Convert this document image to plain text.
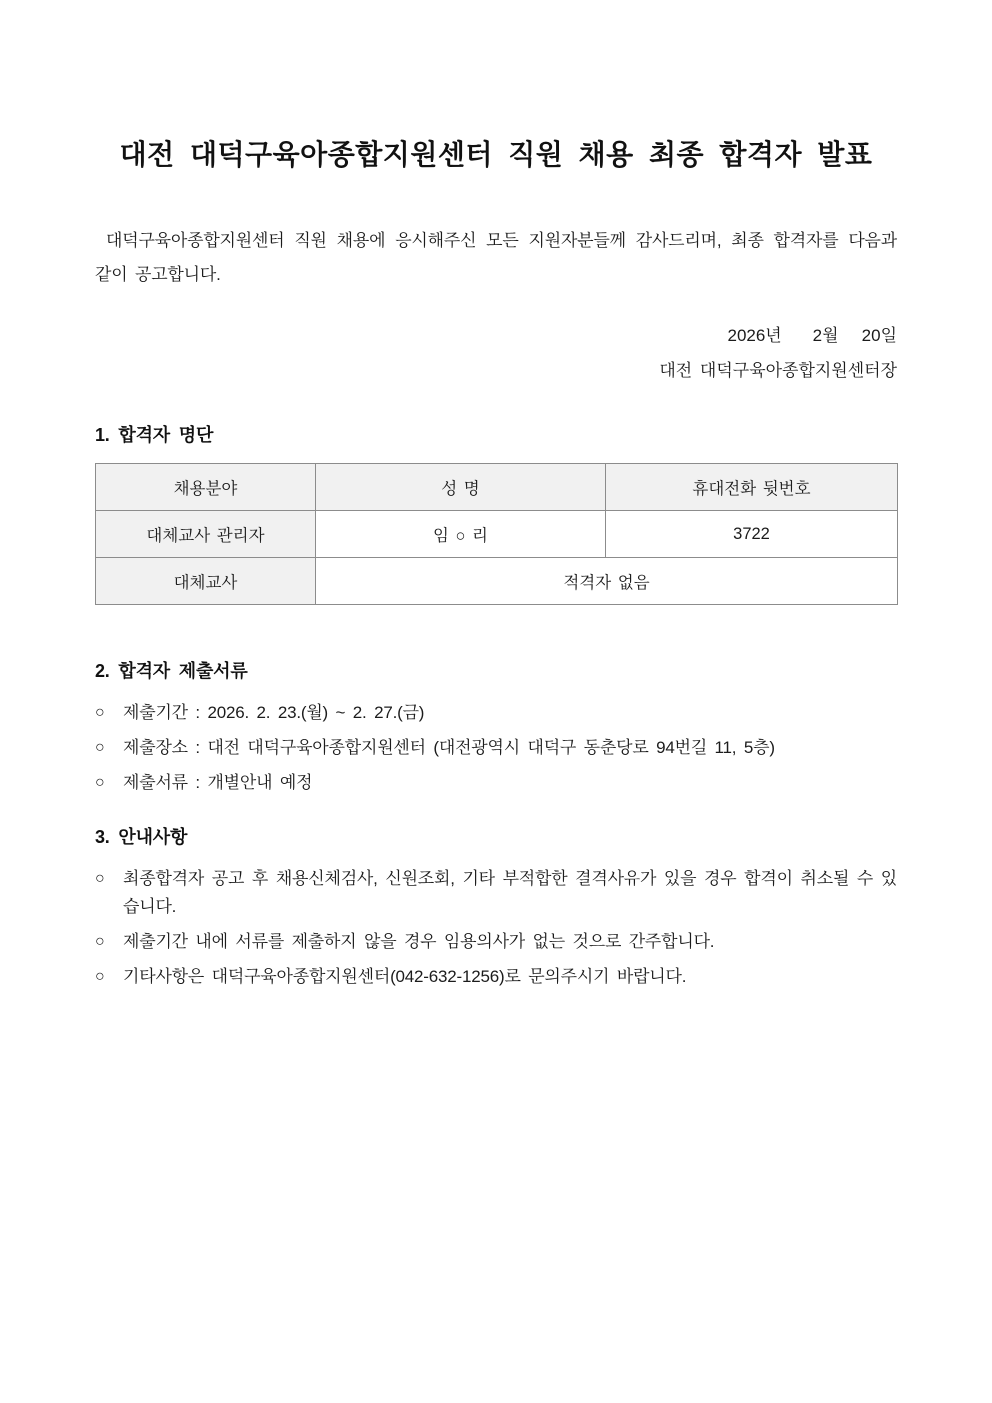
대전 대덕구육아종합지원센터 직원 채용 최종 합격자 발표

대덕구육아종합지원센터 직원 채용에 응시해주신 모든 지원자분들께 감사드리며, 최종 합격자를 다음과 같이 공고합니다.

2026년    2월   20일

대전 대덕구육아종합지원센터장

1. 합격자 명단
채용분야	성 명	휴대전화 뒷번호
대체교사 관리자	임 ○ 리	3722
대체교사	적격자 없음	
2. 합격자 제출서류
○ 제출기간 : 2026. 2. 23.(월) ~ 2. 27.(금)
○ 제출장소 : 대전 대덕구육아종합지원센터 (대전광역시 대덕구 동춘당로 94번길 11, 5층)
○ 제출서류 : 개별안내 예정
3. 안내사항
○ 최종합격자 공고 후 채용신체검사, 신원조회, 기타 부적합한 결격사유가 있을 경우 합격이 취소될 수 있습니다.
○ 제출기간 내에 서류를 제출하지 않을 경우 임용의사가 없는 것으로 간주합니다.
○ 기타사항은 대덕구육아종합지원센터(042-632-1256)로 문의주시기 바랍니다.
